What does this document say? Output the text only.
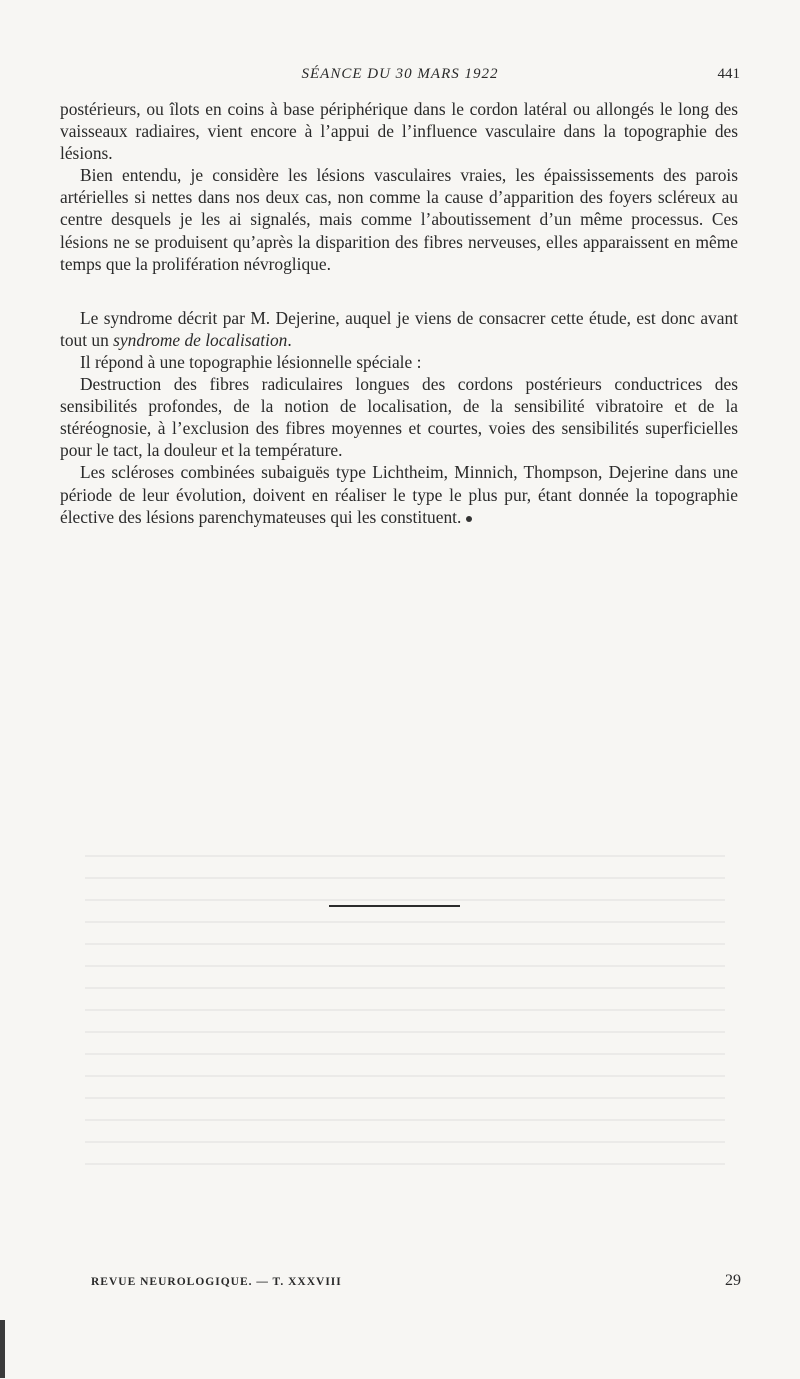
SÉANCE DU 30 MARS 1922	441

postérieurs, ou îlots en coins à base périphérique dans le cordon latéral ou allongés le long des vaisseaux radiaires, vient encore à l’appui de l’influence vasculaire dans la topographie des lésions.

Bien entendu, je considère les lésions vasculaires vraies, les épaississements des parois artérielles si nettes dans nos deux cas, non comme la cause d’apparition des foyers scléreux au centre desquels je les ai signalés, mais comme l’aboutissement d’un même processus. Ces lésions ne se produisent qu’après la disparition des fibres nerveuses, elles apparaissent en même temps que la prolifération névroglique.

Le syndrome décrit par M. Dejerine, auquel je viens de consacrer cette étude, est donc avant tout un syndrome de localisation.

Il répond à une topographie lésionnelle spéciale :

Destruction des fibres radiculaires longues des cordons postérieurs conductrices des sensibilités profondes, de la notion de localisation, de la sensibilité vibratoire et de la stéréognosie, à l’exclusion des fibres moyennes et courtes, voies des sensibilités superficielles pour le tact, la douleur et la température.

Les scléroses combinées subaiguës type Lichtheim, Minnich, Thompson, Dejerine dans une période de leur évolution, doivent en réaliser le type le plus pur, étant donnée la topographie élective des lésions parenchymateuses qui les constituent.

REVUE NEUROLOGIQUE. — T. XXXVIII	29
